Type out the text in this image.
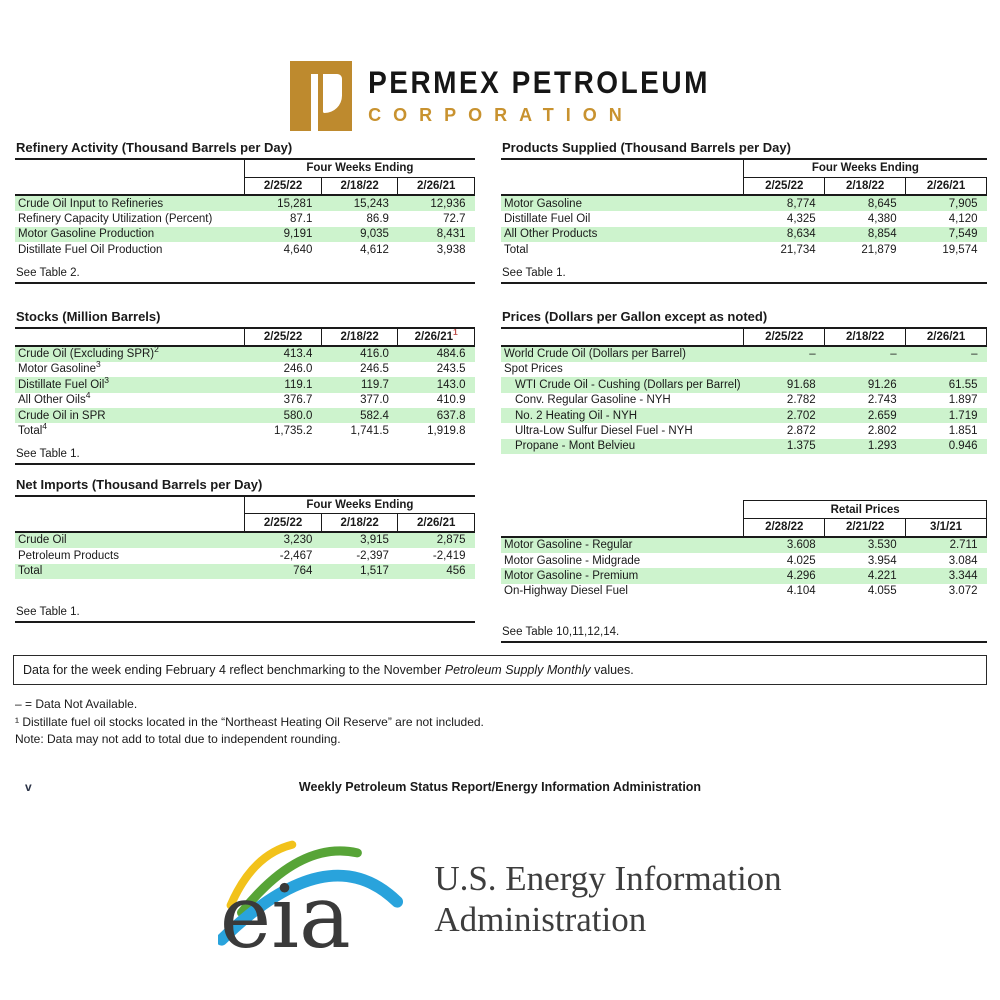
PERMEX PETROLEUM
CORPORATION
Refinery Activity (Thousand Barrels per Day)
	Four Weeks Ending		
	2/25/22	2/18/22	2/26/21
Crude Oil Input to Refineries	15,281	15,243	12,936
Refinery Capacity Utilization (Percent)	87.1	86.9	72.7
Motor Gasoline Production	9,191	9,035	8,431
Distillate Fuel Oil Production	4,640	4,612	3,938
See Table 2.
Stocks (Million Barrels)
	2/25/22	2/18/22	$2/26/21^1$
Crude Oil (Excluding SPR)$^2$	413.4	416.0	484.6
Motor Gasoline$^3$	246.0	246.5	243.5
Distillate Fuel Oil$^3$	119.1	119.7	143.0
All Other Oils$^4$	376.7	377.0	410.9
Crude Oil in SPR	580.0	582.4	637.8
Total$^4$	1,735.2	1,741.5	1,919.8
See Table 1.
Net Imports (Thousand Barrels per Day)
	Four Weeks Ending		
	2/25/22	2/18/22	2/26/21
Crude Oil	3,230	3,915	2,875
Petroleum Products	-2,467	-2,397	-2,419
Total	764	1,517	456
See Table 1.
Products Supplied (Thousand Barrels per Day)
	Four Weeks Ending		
	2/25/22	2/18/22	2/26/21
Motor Gasoline	8,774	8,645	7,905
Distillate Fuel Oil	4,325	4,380	4,120
All Other Products	8,634	8,854	7,549
Total	21,734	21,879	19,574
See Table 1.
Prices (Dollars per Gallon except as noted)
	2/25/22	2/18/22	2/26/21
World Crude Oil (Dollars per Barrel)	–	–	–
Spot Prices			
WTI Crude Oil - Cushing (Dollars per Barrel)	91.68	91.26	61.55
Conv. Regular Gasoline - NYH	2.782	2.743	1.897
No. 2 Heating Oil - NYH	2.702	2.659	1.719
Ultra-Low Sulfur Diesel Fuel - NYH	2.872	2.802	1.851
Propane - Mont Belvieu	1.375	1.293	0.946
	Retail Prices		
	2/28/22	2/21/22	3/1/21
Motor Gasoline - Regular	3.608	3.530	2.711
Motor Gasoline - Midgrade	4.025	3.954	3.084
Motor Gasoline - Premium	4.296	4.221	3.344
On-Highway Diesel Fuel	4.104	4.055	3.072
See Table 10,11,12,14.
Data for the week ending February 4 reflect benchmarking to the November Petroleum Supply Monthly values.
– = Data Not Available.
¹ Distillate fuel oil stocks located in the “Northeast Heating Oil Reserve” are not included.
Note: Data may not add to total due to independent rounding.
v	Weekly Petroleum Status Report/Energy Information Administration
eia U.S. Energy Information
Administration
